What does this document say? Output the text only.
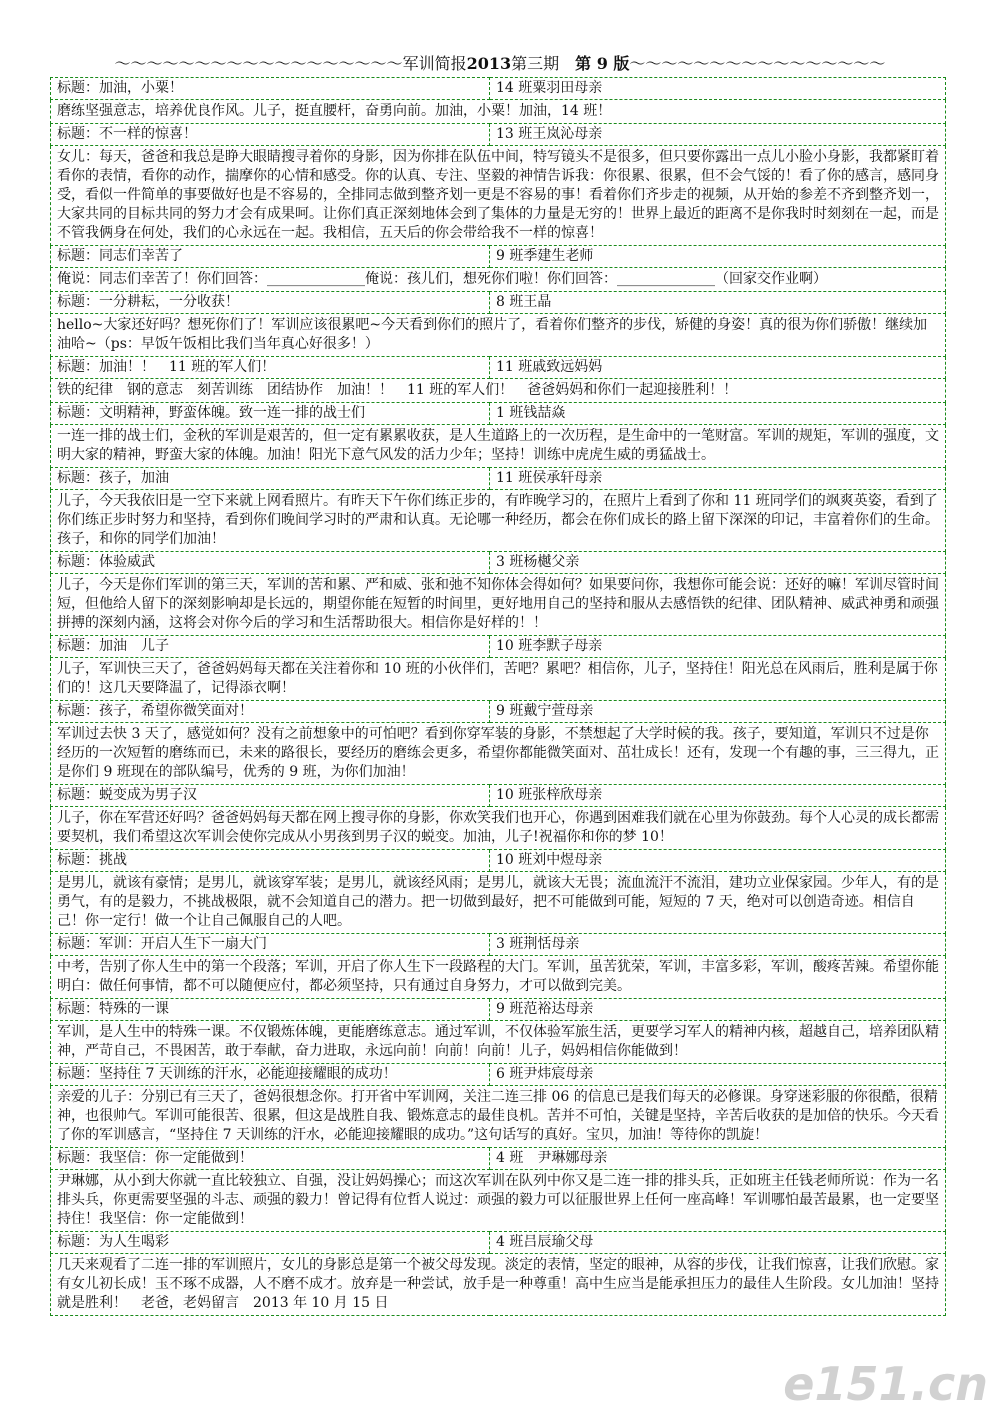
～～～～～～～～～～～～～～～～～～军训简报2013第三期　 第 9 版～～～～～～～～～～～～～～～～
标题：加油，小粟！	14 班粟羽田母亲
磨练坚强意志，培养优良作风。儿子，挺直腰杆，奋勇向前。加油，小粟！加油，14 班！	
标题：不一样的惊喜！	13 班王岚沁母亲
女儿：每天，爸爸和我总是睁大眼睛搜寻着你的身影，因为你排在队伍中间，特写镜头不是很多，但只要你露出一点儿小脸小身影，我都紧盯着看你的表情，看你的动作，揣摩你的心情和感受。你的认真、专注、坚毅的神情告诉我：你很累、很累，但不会气馁的！看了你的感言，感同身受，看似一件简单的事要做好也是不容易的，全排同志做到整齐划一更是不容易的事！看着你们齐步走的视频，从开始的参差不齐到整齐划一，大家共同的目标共同的努力才会有成果呵。让你们真正深刻地体会到了集体的力量是无穷的！世界上最近的距离不是你我时时刻刻在一起，而是不管我俩身在何处，我们的心永远在一起。我相信，五天后的你会带给我不一样的惊喜！	
标题：同志们幸苦了	9 班季建生老师
俺说：同志们幸苦了！你们回答：______________俺说：孩儿们，想死你们啦！你们回答：______________（回家交作业啊）	
标题：一分耕耘，一分收获！	8 班王晶
hello~大家还好吗？想死你们了！军训应该很累吧~今天看到你们的照片了，看着你们整齐的步伐，矫健的身姿！真的很为你们骄傲！继续加油哈~（ps：早饭午饭相比我们当年真心好很多！）	
标题：加油！！　11 班的军人们！	11 班戚致远妈妈
铁的纪律　钢的意志　刻苦训练　团结协作　加油！！　11 班的军人们！　爸爸妈妈和你们一起迎接胜利！！	
标题：文明精神，野蛮体魄。致一连一排的战士们	1 班钱喆焱
一连一排的战士们，金秋的军训是艰苦的，但一定有累累收获，是人生道路上的一次历程，是生命中的一笔财富。军训的规矩，军训的强度，文明大家的精神，野蛮大家的体魄。加油！阳光下意气风发的活力少年；坚持！训练中虎虎生威的勇猛战士。	
标题：孩子，加油	11 班侯承轩母亲
儿子，今天我依旧是一空下来就上网看照片。有昨天下午你们练正步的，有昨晚学习的，在照片上看到了你和 11 班同学们的飒爽英姿，看到了你们练正步时努力和坚持，看到你们晚间学习时的严肃和认真。无论哪一种经历，都会在你们成长的路上留下深深的印记，丰富着你们的生命。孩子，和你的同学们加油！	
标题：体验威武	3 班杨樾父亲
儿子，今天是你们军训的第三天，军训的苦和累、严和威、张和弛不知你体会得如何？如果要问你，我想你可能会说：还好的嘛！军训尽管时间短，但他给人留下的深刻影响却是长远的，期望你能在短暂的时间里，更好地用自己的坚持和服从去感悟铁的纪律、团队精神、威武神勇和顽强拼搏的深刻内涵，这将会对你今后的学习和生活帮助很大。相信你是好样的！！	
标题：加油　儿子	10 班李默子母亲
儿子，军训快三天了，爸爸妈妈每天都在关注着你和 10 班的小伙伴们，苦吧？累吧？相信你，儿子，坚持住！阳光总在风雨后，胜利是属于你们的！这几天要降温了，记得添衣啊！	
标题：孩子，希望你微笑面对！	9 班戴宁萱母亲
军训过去快 3 天了，感觉如何？没有之前想象中的可怕吧？看到你穿军装的身影，不禁想起了大学时候的我。孩子，要知道，军训只不过是你经历的一次短暂的磨练而已，未来的路很长，要经历的磨练会更多，希望你都能微笑面对、茁壮成长！还有，发现一个有趣的事，三三得九，正是你们 9 班现在的部队编号，优秀的 9 班，为你们加油！	
标题：蜕变成为男子汉	10 班张梓欣母亲
儿子，你在军营还好吗？爸爸妈妈每天都在网上搜寻你的身影，你欢笑我们也开心，你遇到困难我们就在心里为你鼓劲。每个人心灵的成长都需要契机，我们希望这次军训会使你完成从小男孩到男子汉的蜕变。加油，儿子!祝福你和你的梦 10！	
标题：挑战	10 班刘中煜母亲
是男儿，就该有豪情；是男儿，就该穿军装；是男儿，就该经风雨；是男儿，就该大无畏；流血流汗不流泪，建功立业保家园。少年人，有的是勇气，有的是毅力，不挑战极限，就不会知道自己的潜力。把一切做到最好，把不可能做到可能，短短的 7 天，绝对可以创造奇迹。相信自己！你一定行！做一个让自己佩服自己的人吧。	
标题：军训：开启人生下一扇大门	3 班荆恬母亲
中考，告别了你人生中的第一个段落；军训，开启了你人生下一段路程的大门。军训，虽苦犹荣，军训，丰富多彩，军训，酸疼苦辣。希望你能明白：做任何事情，都不可以随便应付，都必须坚持，只有通过自身努力，才可以做到完美。	
标题：特殊的一课	9 班范裕达母亲
军训，是人生中的特殊一课。不仅锻炼体魄，更能磨练意志。通过军训，不仅体验军旅生活，更要学习军人的精神内核，超越自己，培养团队精神，严苛自己，不畏困苦，敢于奉献，奋力进取，永远向前！向前！向前！儿子，妈妈相信你能做到！	
标题：坚持住 7 天训练的汗水，必能迎接耀眼的成功！	6 班尹炜宸母亲
亲爱的儿子：分别已有三天了，爸妈很想念你。打开省中军训网，关注二连三排 06 的信息已是我们每天的必修课。身穿迷彩服的你很酷，很精神，也很帅气。军训可能很苦、很累，但这是战胜自我、锻炼意志的最佳良机。苦并不可怕，关键是坚持，辛苦后收获的是加倍的快乐。今天看了你的军训感言，“坚持住 7 天训练的汗水，必能迎接耀眼的成功。”这句话写的真好。宝贝，加油！等待你的凯旋！	
标题：我坚信：你一定能做到！	4 班　尹琳娜母亲
尹琳娜，从小到大你就一直比较独立、自强，没让妈妈操心；而这次军训在队列中你又是二连一排的排头兵，正如班主任钱老师所说：作为一名排头兵，你更需要坚强的斗志、顽强的毅力！曾记得有位哲人说过：顽强的毅力可以征服世界上任何一座高峰！军训哪怕最苦最累，也一定要坚持住！我坚信：你一定能做到！	
标题：为人生喝彩	4 班吕辰瑜父母
几天来观看了二连一排的军训照片，女儿的身影总是第一个被父母发现。淡定的表情，坚定的眼神，从容的步伐，让我们惊喜，让我们欣慰。家有女儿初长成！玉不琢不成器，人不磨不成才。放弃是一种尝试，放手是一种尊重！高中生应当是能承担压力的最佳人生阶段。女儿加油！坚持就是胜利！　老爸，老妈留言　2013 年 10 月 15 日	
e151.cn
